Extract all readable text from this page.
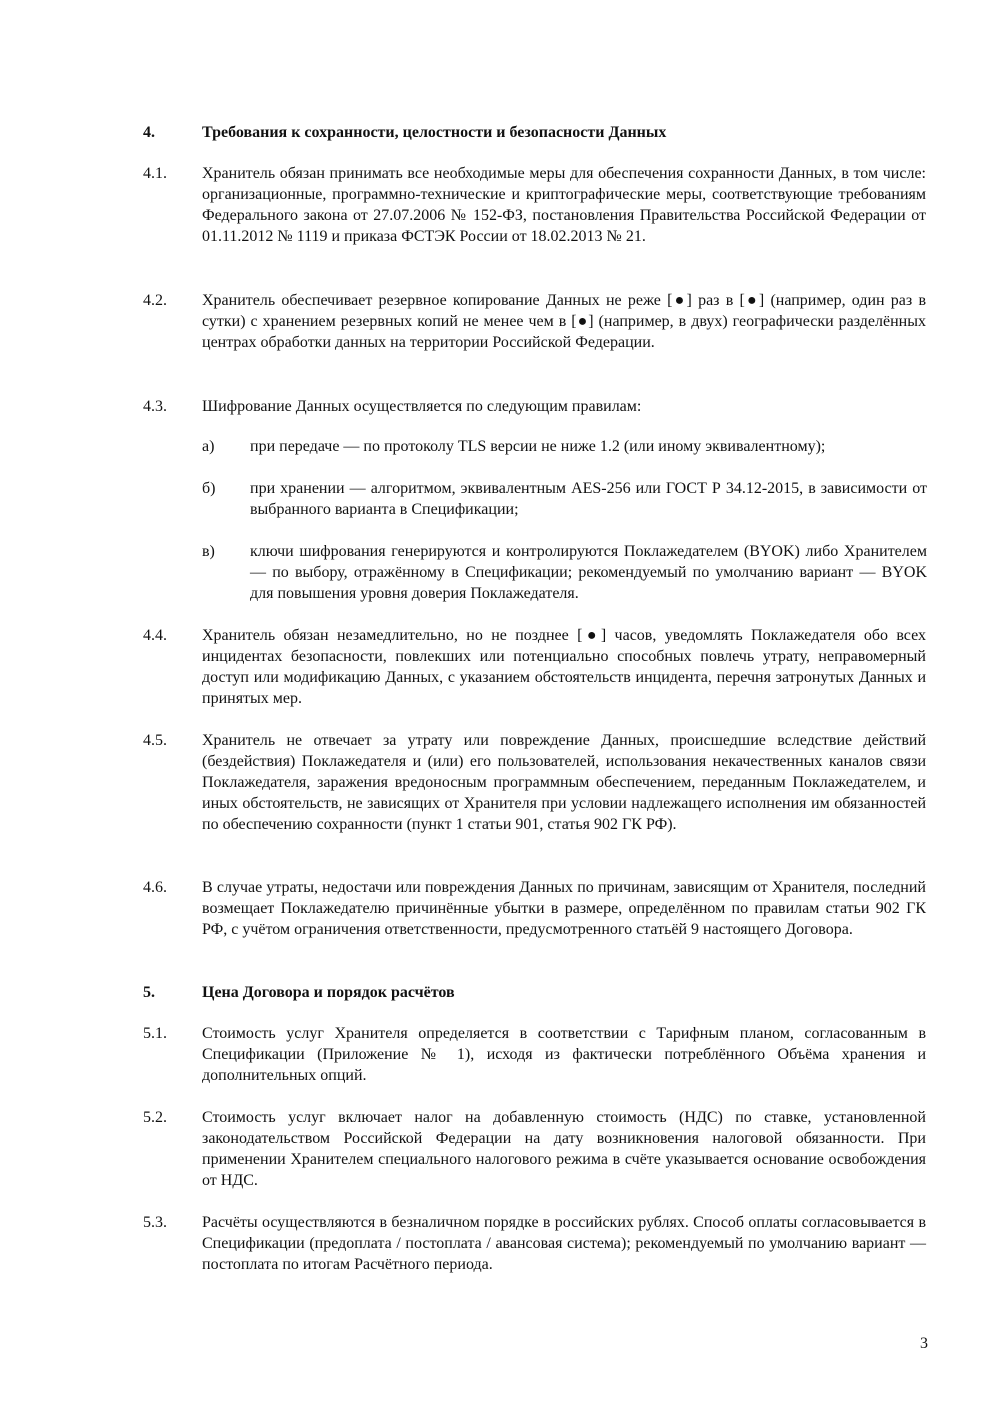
4.	Требования к сохранности, целостности и безопасности Данных

4.1. Хранитель обязан принимать все необходимые меры для обеспечения сохранности Данных, в том числе: организационные, программно-технические и криптографические меры, соответствующие требованиям Федерального закона от 27.07.2006 № 152-ФЗ, постановления Правительства Российской Федерации от 01.11.2012 № 1119 и приказа ФСТЭК России от 18.02.2013 № 21.

4.2. Хранитель обеспечивает резервное копирование Данных не реже [●] раз в [●] (например, один раз в сутки) с хранением резервных копий не менее чем в [●] (например, в двух) географически разделённых центрах обработки данных на территории Российской Федерации.

4.3. Шифрование Данных осуществляется по следующим правилам:

а) при передаче — по протоколу TLS версии не ниже 1.2 (или иному эквивалентному);

б) при хранении — алгоритмом, эквивалентным AES-256 или ГОСТ Р 34.12-2015, в зависимости от выбранного варианта в Спецификации;

в) ключи шифрования генерируются и контролируются Поклажедателем (BYOK) либо Хранителем — по выбору, отражённому в Спецификации; рекомендуемый по умолчанию вариант — BYOK для повышения уровня доверия Поклажедателя.

4.4. Хранитель обязан незамедлительно, но не позднее [●] часов, уведомлять Поклажедателя обо всех инцидентах безопасности, повлекших или потенциально способных повлечь утрату, неправомерный доступ или модификацию Данных, с указанием обстоятельств инцидента, перечня затронутых Данных и принятых мер.

4.5. Хранитель не отвечает за утрату или повреждение Данных, происшедшие вследствие действий (бездействия) Поклажедателя и (или) его пользователей, использования некачественных каналов связи Поклажедателя, заражения вредоносным программным обеспечением, переданным Поклажедателем, и иных обстоятельств, не зависящих от Хранителя при условии надлежащего исполнения им обязанностей по обеспечению сохранности (пункт 1 статьи 901, статья 902 ГК РФ).

4.6. В случае утраты, недостачи или повреждения Данных по причинам, зависящим от Хранителя, последний возмещает Поклажедателю причинённые убытки в размере, определённом по правилам статьи 902 ГК РФ, с учётом ограничения ответственности, предусмотренного статьёй 9 настоящего Договора.

5.	Цена Договора и порядок расчётов

5.1. Стоимость услуг Хранителя определяется в соответствии с Тарифным планом, согласованным в Спецификации (Приложение № 1), исходя из фактически потреблённого Объёма хранения и дополнительных опций.

5.2. Стоимость услуг включает налог на добавленную стоимость (НДС) по ставке, установленной законодательством Российской Федерации на дату возникновения налоговой обязанности. При применении Хранителем специального налогового режима в счёте указывается основание освобождения от НДС.

5.3. Расчёты осуществляются в безналичном порядке в российских рублях. Способ оплаты согласовывается в Спецификации (предоплата / постоплата / авансовая система); рекомендуемый по умолчанию вариант — постоплата по итогам Расчётного периода.

3
